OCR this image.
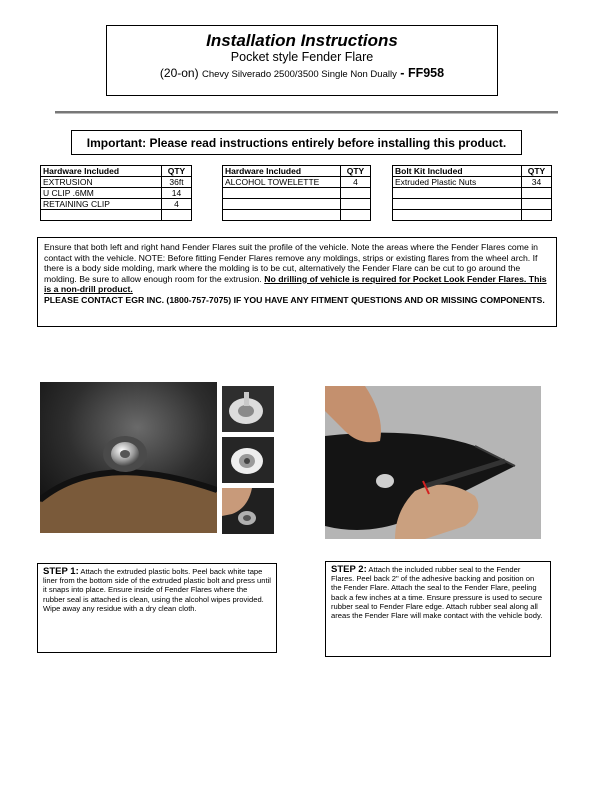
Installation Instructions
Pocket style Fender Flare
(20-on) Chevy Silverado 2500/3500 Single Non Dually - FF958
Important: Please read instructions entirely before installing this product.
Hardware Included	QTY
EXTRUSION	36ft
U CLIP .6MM	14
RETAINING CLIP	4

Hardware Included	QTY
ALCOHOL TOWELETTE	4

Bolt Kit Included	QTY
Extruded Plastic Nuts	34

Ensure that both left and right hand Fender Flares suit the profile of the vehicle. Note the areas where the Fender Flares come in contact with the vehicle. NOTE: Before fitting Fender Flares remove any moldings, strips or existing flares from the wheel arch. If there is a body side molding, mark where the molding is to be cut, alternatively the Fender Flare can be cut to go around the molding. Be sure to allow enough room for the extrusion. No drilling of vehicle is required for Pocket Look Fender Flares. This is a non-drill product.
PLEASE CONTACT EGR INC. (1800-757-7075) IF YOU HAVE ANY FITMENT QUESTIONS AND OR MISSING COMPONENTS.
STEP 1: Attach the extruded plastic bolts. Peel back white tape liner from the bottom side of the extruded plastic bolt and press until it snaps into place. Ensure inside of Fender Flares where the rubber seal is attached is clean, using the alcohol wipes provided. Wipe away any residue with a dry clean cloth.
STEP 2: Attach the included rubber seal to the Fender Flares. Peel back 2" of the adhesive backing and position on the Fender Flare. Attach the seal to the Fender Flare, peeling back a few inches at a time. Ensure pressure is used to secure rubber seal to Fender Flare edge. Attach rubber seal along all areas the Fender Flare will make contact with the vehicle body.
